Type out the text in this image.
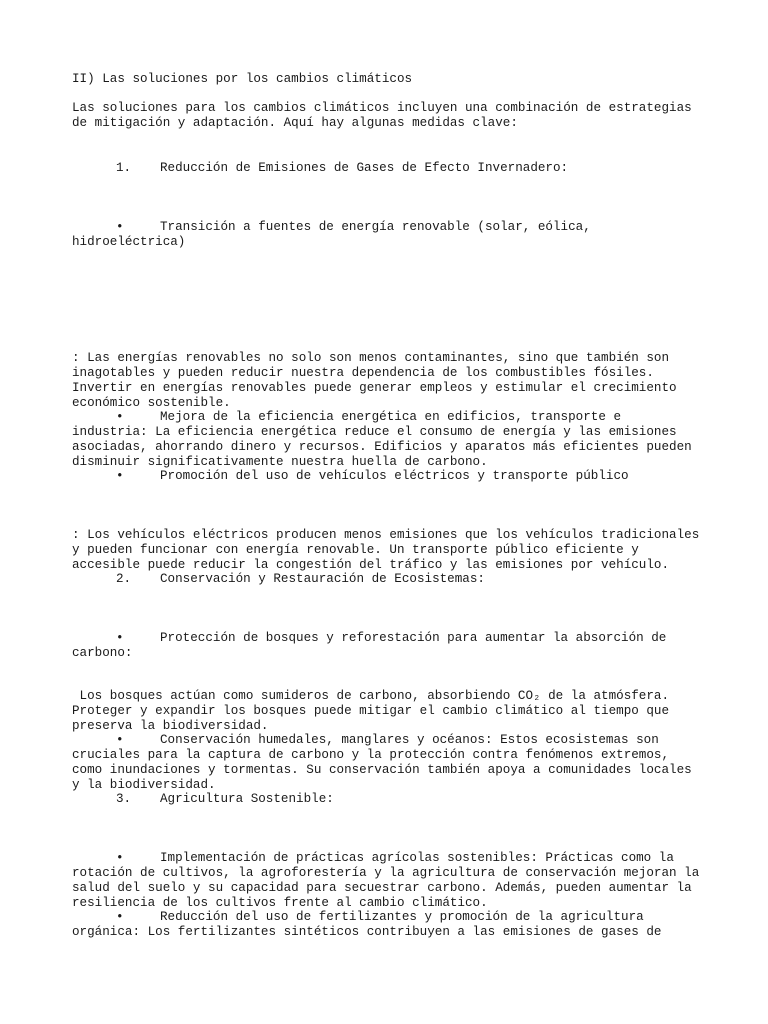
II) Las soluciones por los cambios climáticos
Las soluciones para los cambios climáticos incluyen una combinación de estrategias
de mitigación y adaptación. Aquí hay algunas medidas clave:
1. Reducción de Emisiones de Gases de Efecto Invernadero:
•	Transición a fuentes de energía renovable (solar, eólica,
hidroeléctrica)
: Las energías renovables no solo son menos contaminantes, sino que también son
inagotables y pueden reducir nuestra dependencia de los combustibles fósiles.
Invertir en energías renovables puede generar empleos y estimular el crecimiento
económico sostenible.
•	Mejora de la eficiencia energética en edificios, transporte e
industria: La eficiencia energética reduce el consumo de energía y las emisiones
asociadas, ahorrando dinero y recursos. Edificios y aparatos más eficientes pueden
disminuir significativamente nuestra huella de carbono.
•	Promoción del uso de vehículos eléctricos y transporte público
: Los vehículos eléctricos producen menos emisiones que los vehículos tradicionales
y pueden funcionar con energía renovable. Un transporte público eficiente y
accesible puede reducir la congestión del tráfico y las emisiones por vehículo.
2. Conservación y Restauración de Ecosistemas:
•	Protección de bosques y reforestación para aumentar la absorción de
carbono:
Los bosques actúan como sumideros de carbono, absorbiendo CO₂ de la atmósfera.
Proteger y expandir los bosques puede mitigar el cambio climático al tiempo que
preserva la biodiversidad.
•	Conservación humedales, manglares y océanos: Estos ecosistemas son
cruciales para la captura de carbono y la protección contra fenómenos extremos,
como inundaciones y tormentas. Su conservación también apoya a comunidades locales
y la biodiversidad.
3. Agricultura Sostenible:
•	Implementación de prácticas agrícolas sostenibles: Prácticas como la
rotación de cultivos, la agroforestería y la agricultura de conservación mejoran la
salud del suelo y su capacidad para secuestrar carbono. Además, pueden aumentar la
resiliencia de los cultivos frente al cambio climático.
•	Reducción del uso de fertilizantes y promoción de la agricultura
orgánica: Los fertilizantes sintéticos contribuyen a las emisiones de gases de
